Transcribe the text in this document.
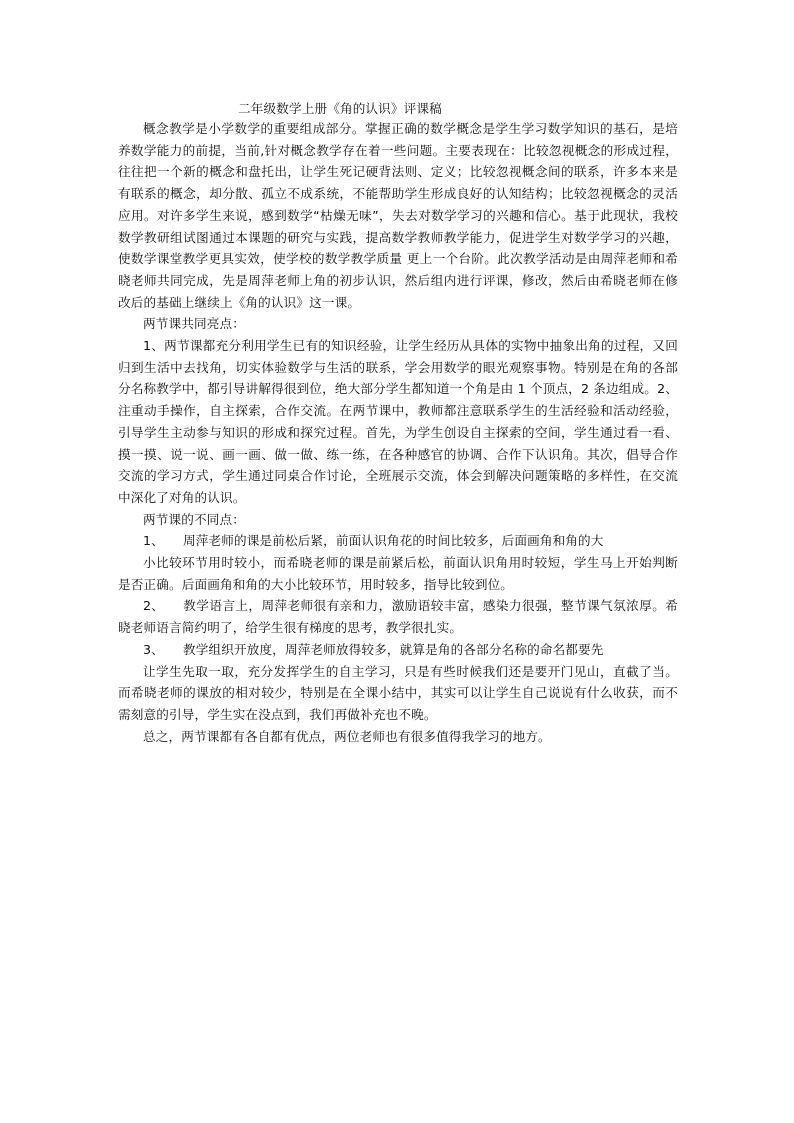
二年级数学上册《角的认识》评课稿

概念教学是小学数学的重要组成部分。掌握正确的数学概念是学生学习数学知识的基石，是培养数学能力的前提，当前,针对概念教学存在着一些问题。主要表现在：比较忽视概念的形成过程，往往把一个新的概念和盘托出，让学生死记硬背法则、定义；比较忽视概念间的联系，许多本来是有联系的概念，却分散、孤立不成系统，不能帮助学生形成良好的认知结构；比较忽视概念的灵活应用。对许多学生来说，感到数学“枯燥无味”，失去对数学学习的兴趣和信心。基于此现状，我校数学教研组试图通过本课题的研究与实践，提高数学教师教学能力，促进学生对数学学习的兴趣，使数学课堂教学更具实效，使学校的数学教学质量 更上一个台阶。此次教学活动是由周萍老师和希晓老师共同完成，先是周萍老师上角的初步认识，然后组内进行评课，修改，然后由希晓老师在修改后的基础上继续上《角的认识》这一课。

两节课共同亮点：

1、两节课都充分利用学生已有的知识经验，让学生经历从具体的实物中抽象出角的过程，又回归到生活中去找角，切实体验数学与生活的联系，学会用数学的眼光观察事物。特别是在角的各部分名称教学中，都引导讲解得很到位，绝大部分学生都知道一个角是由 1 个顶点，2 条边组成。2、注重动手操作，自主探索，合作交流。在两节课中，教师都注意联系学生的生活经验和活动经验，引导学生主动参与知识的形成和探究过程。首先，为学生创设自主探索的空间，学生通过看一看、摸一摸、说一说、画一画、做一做、练一练，在各种感官的协调、合作下认识角。其次，倡导合作交流的学习方式，学生通过同桌合作讨论，全班展示交流，体会到解决问题策略的多样性，在交流中深化了对角的认识。

两节课的不同点：

1、 周萍老师的课是前松后紧，前面认识角花的时间比较多，后面画角和角的大

小比较环节用时较小，而希晓老师的课是前紧后松，前面认识角用时较短，学生马上开始判断是否正确。后面画角和角的大小比较环节，用时较多，指导比较到位。

2、 教学语言上，周萍老师很有亲和力，激励语较丰富，感染力很强，整节课气氛浓厚。希晓老师语言简约明了，给学生很有梯度的思考，教学很扎实。

3、 教学组织开放度，周萍老师放得较多，就算是角的各部分名称的命名都要先

让学生先取一取，充分发挥学生的自主学习，只是有些时候我们还是要开门见山，直截了当。而希晓老师的课放的相对较少，特别是在全课小结中，其实可以让学生自己说说有什么收获，而不需刻意的引导，学生实在没点到，我们再做补充也不晚。

总之，两节课都有各自都有优点，两位老师也有很多值得我学习的地方。
